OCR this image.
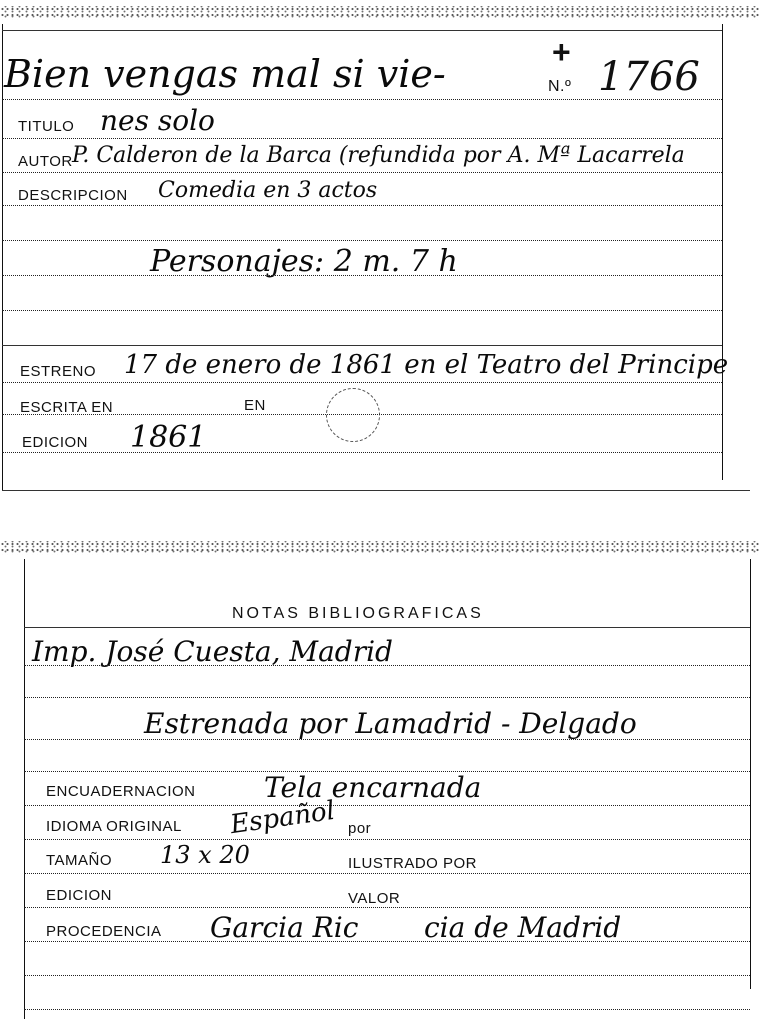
Bien vengas mal si vie-	N.º 1766
+
TITULO nes solo
AUTOR P. Calderon de la Barca (refundida por A. Mª Lacarrela
DESCRIPCION Comedia en 3 actos
Personajes: 2 m. 7 h
ESTRENO 17 de enero de 1861 en el Teatro del Principe
ESCRITA EN	EN
EDICION 1861
NOTAS BIBLIOGRAFICAS
Imp. José Cuesta, Madrid
Estrenada por Lamadrid - Delgado
ENCUADERNACION Tela encarnada
IDIOMA ORIGINAL Español por
TAMAÑO 13 x 20	ILUSTRADO POR
EDICION	VALOR
PROCEDENCIA Garcia Ric cia de Madrid
